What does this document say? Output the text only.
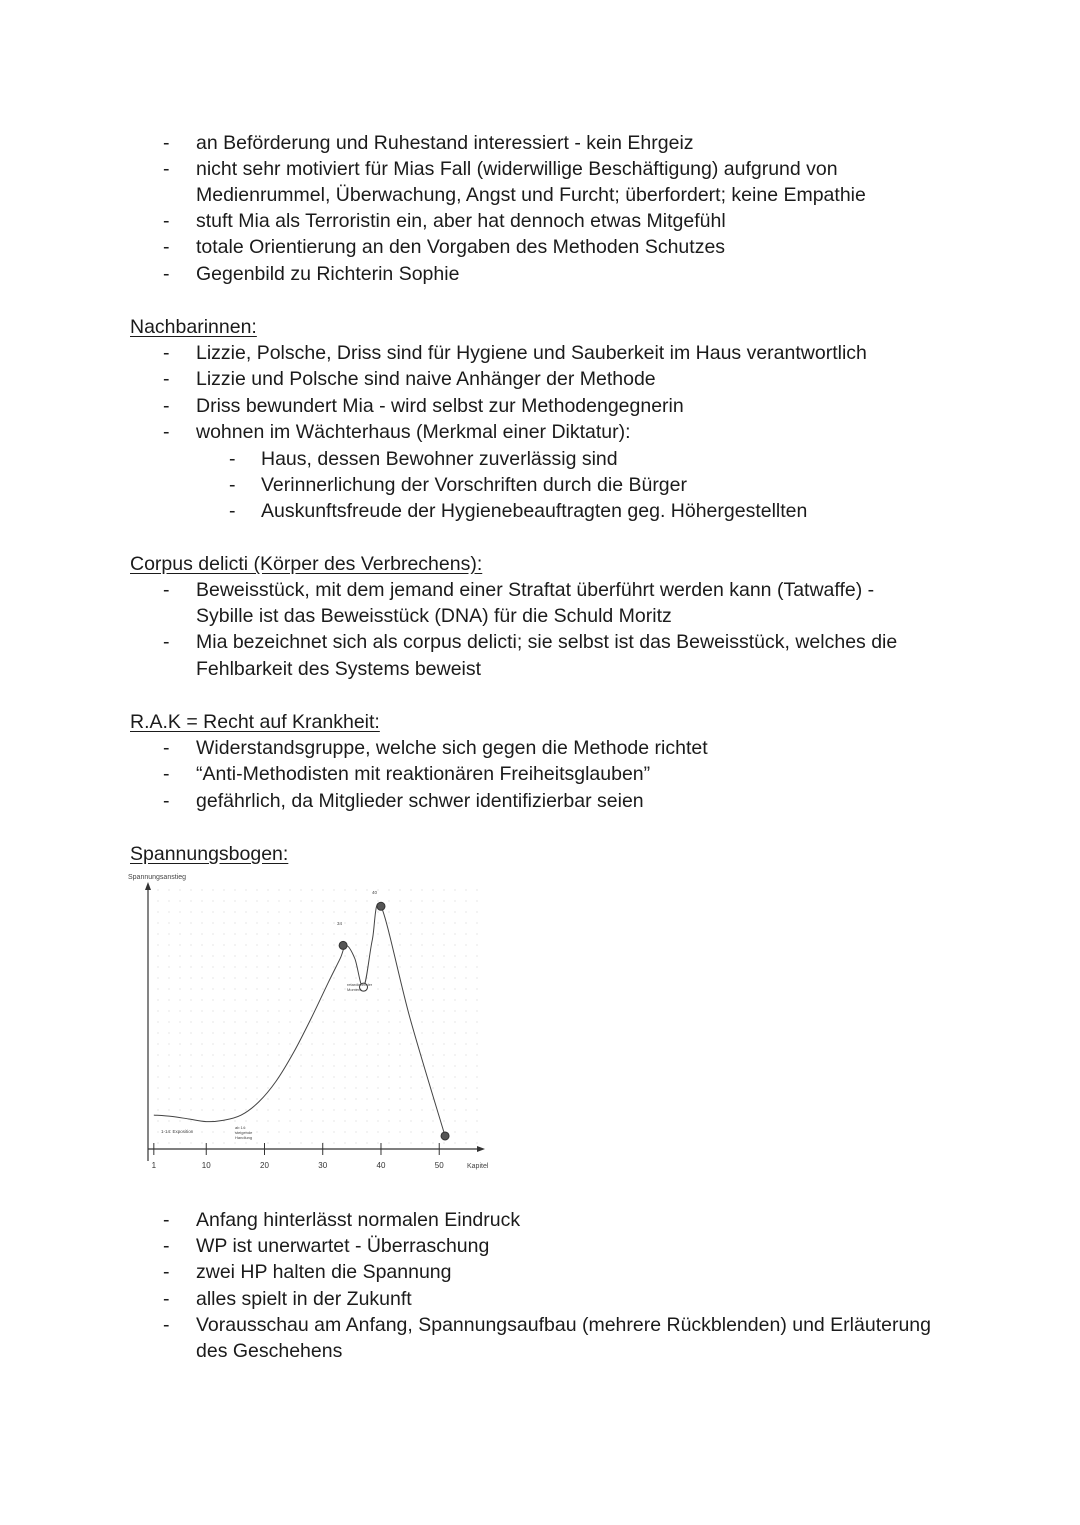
- an Beförderung und Ruhestand interessiert - kein Ehrgeiz
- nicht sehr motiviert für Mias Fall (widerwillige Beschäftigung) aufgrund von
Medienrummel, Überwachung, Angst und Furcht; überfordert; keine Empathie
- stuft Mia als Terroristin ein, aber hat dennoch etwas Mitgefühl
- totale Orientierung an den Vorgaben des Methoden Schutzes
- Gegenbild zu Richterin Sophie
Nachbarinnen:
- Lizzie, Polsche, Driss sind für Hygiene und Sauberkeit im Haus verantwortlich
- Lizzie und Polsche sind naive Anhänger der Methode
- Driss bewundert Mia - wird selbst zur Methodengegnerin
- wohnen im Wächterhaus (Merkmal einer Diktatur):
- Haus, dessen Bewohner zuverlässig sind
- Verinnerlichung der Vorschriften durch die Bürger
- Auskunftsfreude der Hygienebeauftragten geg. Höhergestellten
Corpus delicti (Körper des Verbrechens):
- Beweisstück, mit dem jemand einer Straftat überführt werden kann (Tatwaffe) -
Sybille ist das Beweisstück (DNA) für die Schuld Moritz
- Mia bezeichnet sich als corpus delicti; sie selbst ist das Beweisstück, welches die
Fehlbarkeit des Systems beweist
R.A.K = Recht auf Krankheit:
- Widerstandsgruppe, welche sich gegen die Methode richtet
- “Anti-Methodisten mit reaktionären Freiheitsglauben”
- gefährlich, da Mitglieder schwer identifizierbar seien
Spannungsbogen:
Spannungsanstieg
Kapitel
1	10	20	30	40	50
1-14: Exposition
ab 14: steigende Handlung
retardierender Moment
34
40
- Anfang hinterlässt normalen Eindruck
- WP ist unerwartet - Überraschung
- zwei HP halten die Spannung
- alles spielt in der Zukunft
- Vorausschau am Anfang, Spannungsaufbau (mehrere Rückblenden) und Erläuterung
des Geschehens
